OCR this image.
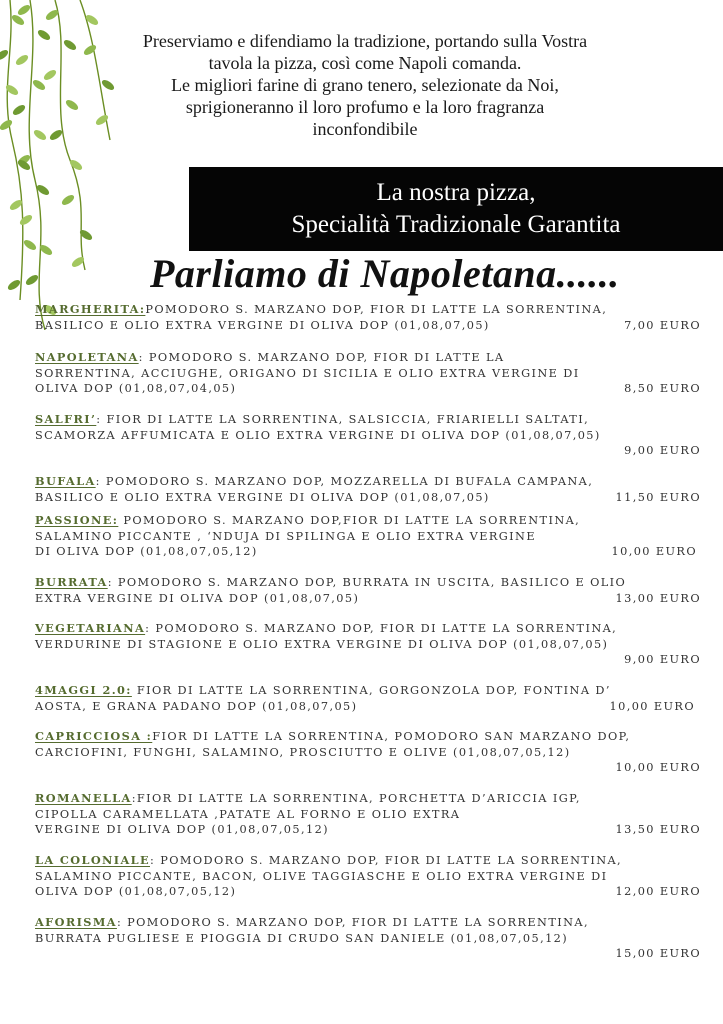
Preserviamo e difendiamo la tradizione, portando sulla Vostra
tavola la pizza, così come Napoli comanda.
Le migliori farine di grano tenero, selezionate da Noi,
sprigioneranno il loro profumo e la loro fragranza
inconfondibile
La nostra pizza,
Specialità Tradizionale Garantita
Parliamo di Napoletana......
MARGHERITA:POMODORO S. MARZANO DOP, FIOR DI LATTE LA SORRENTINA,
BASILICO E OLIO EXTRA VERGINE DI OLIVA DOP (01,08,07,05)	7,00 EURO
NAPOLETANA: POMODORO S. MARZANO DOP, FIOR DI LATTE LA
SORRENTINA, ACCIUGHE, ORIGANO DI SICILIA E OLIO EXTRA VERGINE DI
OLIVA DOP (01,08,07,04,05)	8,50 EURO
SALFRI’: FIOR DI LATTE LA SORRENTINA, SALSICCIA, FRIARIELLI SALTATI,
SCAMORZA AFFUMICATA E OLIO EXTRA VERGINE DI OLIVA DOP (01,08,07,05)
9,00 EURO
BUFALA: POMODORO S. MARZANO DOP, MOZZARELLA DI BUFALA CAMPANA,
BASILICO E OLIO EXTRA VERGINE DI OLIVA DOP (01,08,07,05)	11,50 EURO
PASSIONE: POMODORO S. MARZANO DOP,FIOR DI LATTE LA SORRENTINA,
SALAMINO PICCANTE , ‘NDUJA DI SPILINGA E OLIO EXTRA VERGINE
DI OLIVA DOP (01,08,07,05,12)	10,00 EURO
BURRATA: POMODORO S. MARZANO DOP, BURRATA IN USCITA, BASILICO E OLIO
EXTRA VERGINE DI OLIVA DOP (01,08,07,05)	13,00 EURO
VEGETARIANA: POMODORO S. MARZANO DOP, FIOR DI LATTE LA SORRENTINA,
VERDURINE DI STAGIONE E OLIO EXTRA VERGINE DI OLIVA DOP (01,08,07,05)
9,00 EURO
4MAGGI 2.0: FIOR DI LATTE LA SORRENTINA, GORGONZOLA DOP, FONTINA D’
AOSTA, E GRANA PADANO DOP (01,08,07,05)	10,00 EURO
CAPRICCIOSA :FIOR DI LATTE LA SORRENTINA, POMODORO SAN MARZANO DOP,
CARCIOFINI, FUNGHI, SALAMINO, PROSCIUTTO E OLIVE (01,08,07,05,12)
10,00 EURO
ROMANELLA:FIOR DI LATTE LA SORRENTINA, PORCHETTA D’ARICCIA IGP,
CIPOLLA CARAMELLATA ,PATATE AL FORNO E OLIO EXTRA
VERGINE DI OLIVA DOP (01,08,07,05,12)	13,50 EURO
LA COLONIALE: POMODORO S. MARZANO DOP, FIOR DI LATTE LA SORRENTINA,
SALAMINO PICCANTE, BACON, OLIVE TAGGIASCHE E OLIO EXTRA VERGINE DI
OLIVA DOP (01,08,07,05,12)	12,00 EURO
AFORISMA: POMODORO S. MARZANO DOP, FIOR DI LATTE LA SORRENTINA,
BURRATA PUGLIESE E PIOGGIA DI CRUDO SAN DANIELE (01,08,07,05,12)
15,00 EURO
